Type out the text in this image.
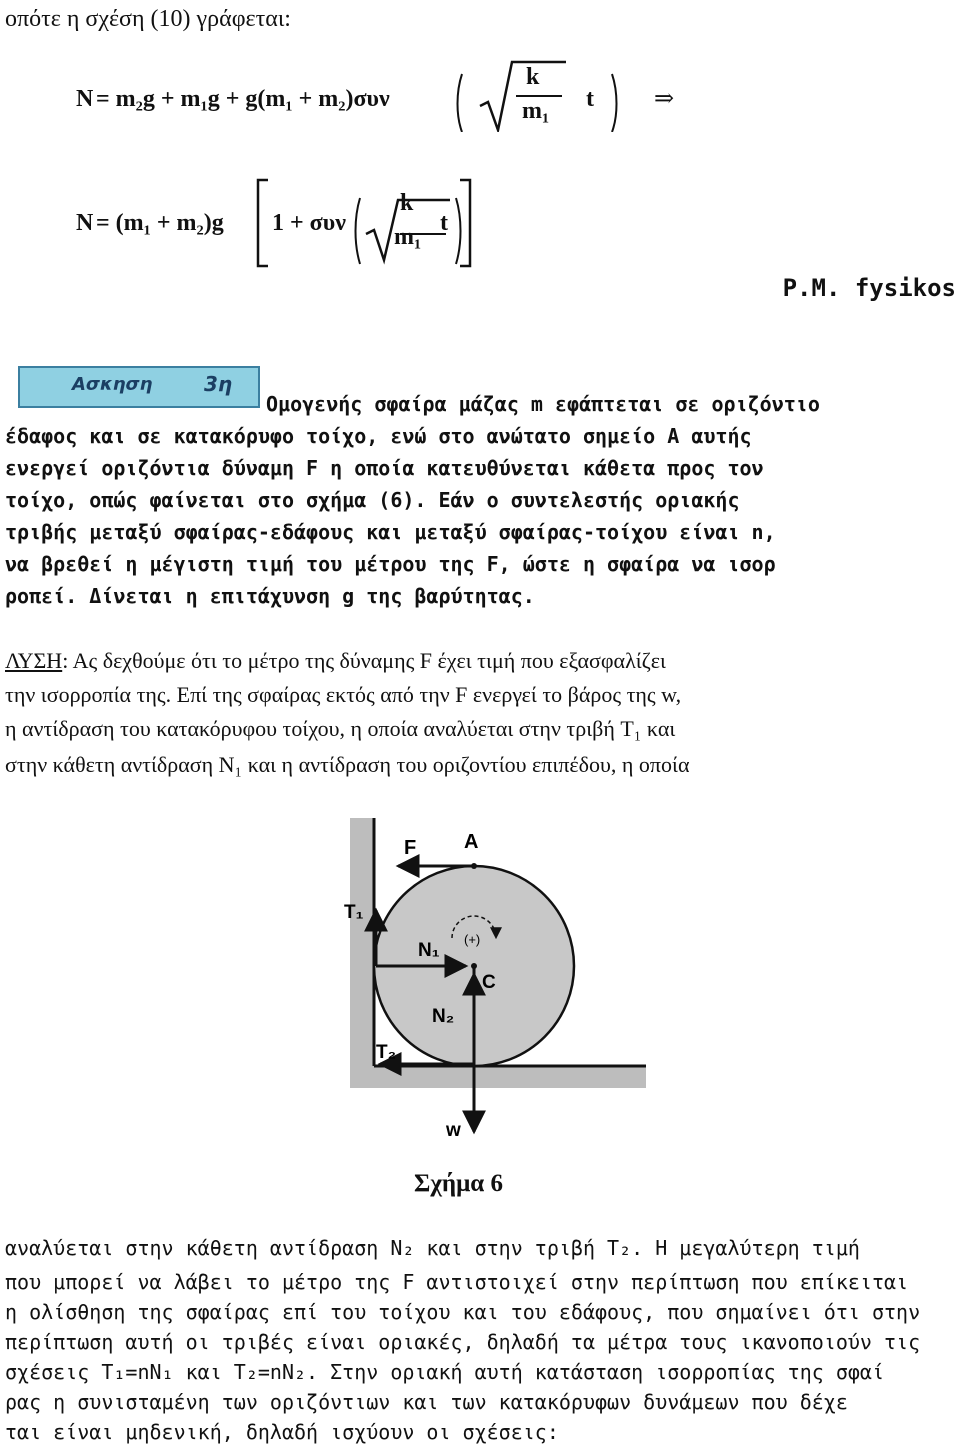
οπότε η σχέση (10) γράφεται:
N = m₂g + m₁g + g(m₁ + m₂)συν
k
m₁ t	⇒
N = (m₁ + m₂)g 1 + συν
k
m₁
t
P.M. fysikos
Ασκηση	3η
Ομογενής σφαίρα μάζας m εφάπτεται σε οριζόντιο
έδαφος και σε κατακόρυφο τοίχο, ενώ στο ανώτατο σημείο A αυτής
ενεργεί οριζόντια δύναμη F η οποία κατευθύνεται κάθετα προς τον
τοίχο, οπώς φαίνεται στο σχήμα (6). Εάν ο συντελεστής οριακής
τριβής μεταξύ σφαίρας-εδάφους και μεταξύ σφαίρας-τοίχου είναι n,
να βρεθεί η μέγιστη τιμή του μέτρου της F, ώστε η σφαίρα να ισορ
ροπεί. Δίνεται η επιτάχυνση g της βαρύτητας.
ΛΥΣΗ: Ας δεχθούμε ότι το μέτρο της δύναμης F έχει τιμή που εξασφαλίζει
την ισορροπία της. Επί της σφαίρας εκτός από την F ενεργεί το βάρος της w,
η αντίδραση του κατακόρυφου τοίχου, η οποία αναλύεται στην τριβή T₁ και
στην κάθετη αντίδραση N₁ και η αντίδραση του οριζοντίου επιπέδου, η οποία
F A
T₁
N₁
C
N₂
T₂
w
(+)
Σχήμα 6
αναλύεται στην κάθετη αντίδραση N₂ και στην τριβή T₂. Η μεγαλύτερη τιμή
που μπορεί να λάβει το μέτρο της F αντιστοιχεί στην περίπτωση που επίκειται
η ολίσθηση της σφαίρας επί του τοίχου και του εδάφους, που σημαίνει ότι στην
περίπτωση αυτή οι τριβές είναι οριακές, δηλαδή τα μέτρα τους ικανοποιούν τις
σχέσεις T₁=nN₁ και T₂=nN₂. Στην οριακή αυτή κατάσταση ισορροπίας της σφαί
ρας η συνισταμένη των οριζόντιων και των κατακόρυφων δυνάμεων που δέχε
ται είναι μηδενική, δηλαδή ισχύουν οι σχέσεις:
